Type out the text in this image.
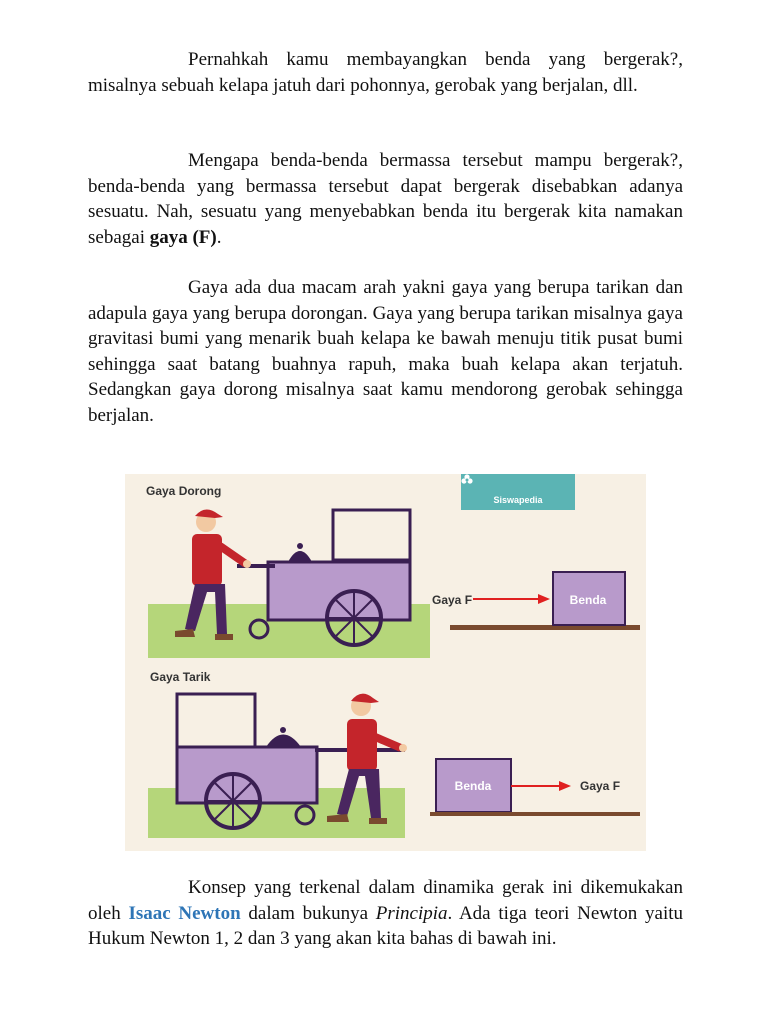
Pernahkah kamu membayangkan benda yang bergerak?, misalnya sebuah kelapa jatuh dari pohonnya, gerobak yang berjalan, dll.

Mengapa benda-benda bermassa tersebut mampu bergerak?, benda-benda yang bermassa tersebut dapat bergerak disebabkan adanya sesuatu. Nah, sesuatu yang menyebabkan benda itu bergerak kita namakan sebagai gaya (F).

Gaya ada dua macam arah yakni gaya yang berupa tarikan dan adapula gaya yang berupa dorongan. Gaya yang berupa tarikan misalnya gaya gravitasi bumi yang menarik buah kelapa ke bawah menuju titik pusat bumi sehingga saat batang buahnya rapuh, maka buah kelapa akan terjatuh. Sedangkan gaya dorong misalnya saat kamu mendorong gerobak sehingga berjalan.

Gaya Dorong
Gaya Tarik
Siswapedia
Gaya F	Benda
Benda	Gaya F

Konsep yang terkenal dalam dinamika gerak ini dikemukakan oleh Isaac Newton dalam bukunya Principia. Ada tiga teori Newton yaitu Hukum Newton 1, 2 dan 3 yang akan kita bahas di bawah ini.
